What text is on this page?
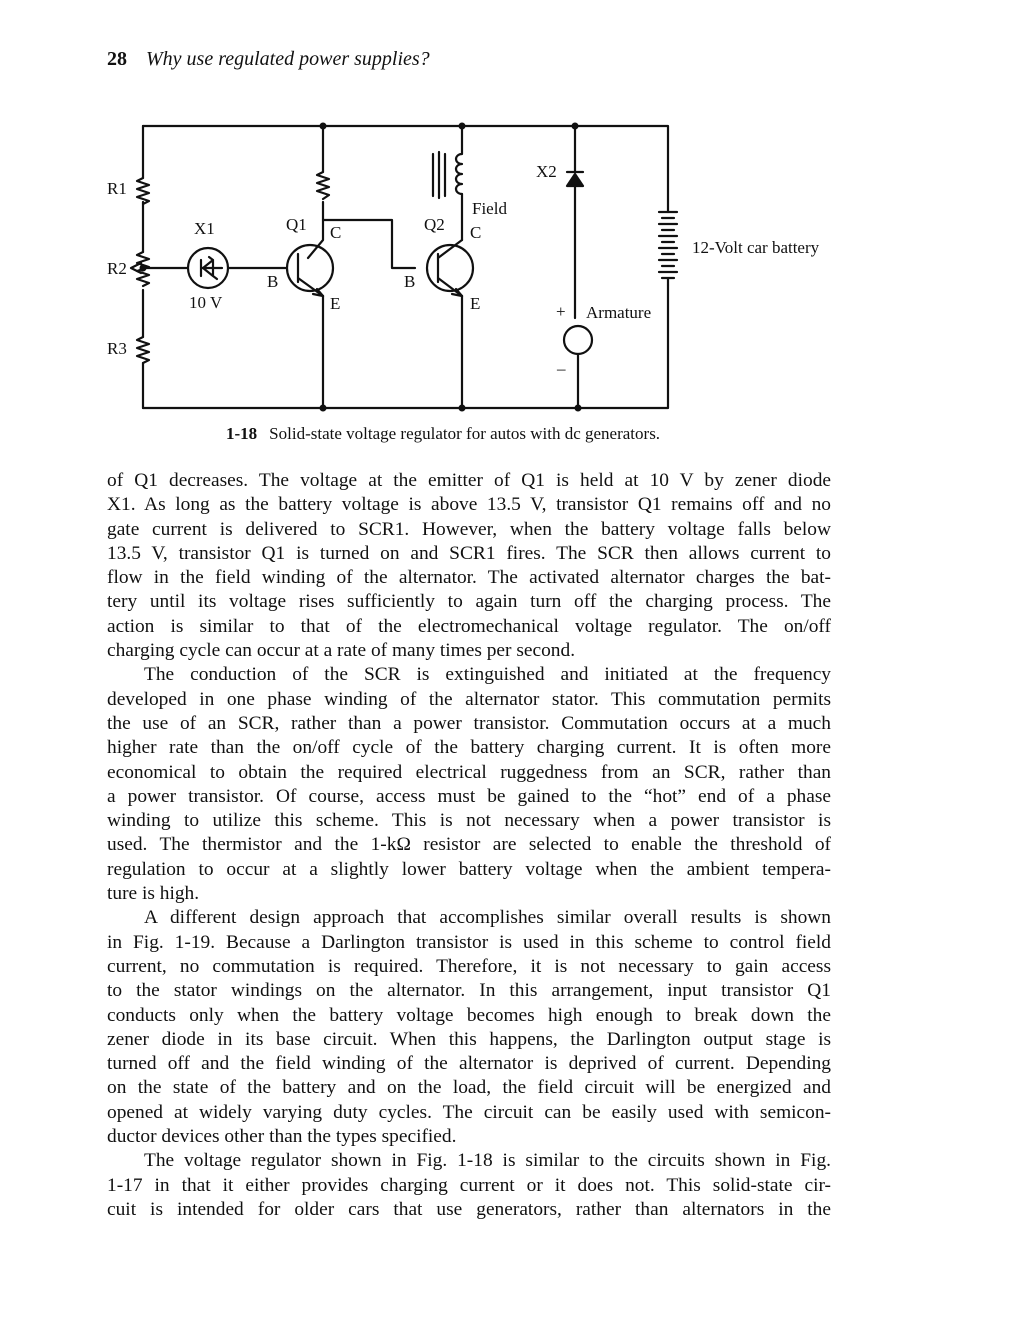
28 Why use regulated power supplies?
R1
R2
R3
X1
10 V
Q1
B
C
E
Q2
B
C
E
Field
X2
12-Volt car battery
Armature
+
–
1-18 Solid-state voltage regulator for autos with dc generators.
of Q1 decreases. The voltage at the emitter of Q1 is held at 10 V by zener diode
X1. As long as the battery voltage is above 13.5 V, transistor Q1 remains off and no
gate current is delivered to SCR1. However, when the battery voltage falls below
13.5 V, transistor Q1 is turned on and SCR1 fires. The SCR then allows current to
flow in the field winding of the alternator. The activated alternator charges the bat-
tery until its voltage rises sufficiently to again turn off the charging process. The
action is similar to that of the electromechanical voltage regulator. The on/off
charging cycle can occur at a rate of many times per second.
The conduction of the SCR is extinguished and initiated at the frequency
developed in one phase winding of the alternator stator. This commutation permits
the use of an SCR, rather than a power transistor. Commutation occurs at a much
higher rate than the on/off cycle of the battery charging current. It is often more
economical to obtain the required electrical ruggedness from an SCR, rather than
a power transistor. Of course, access must be gained to the “hot” end of a phase
winding to utilize this scheme. This is not necessary when a power transistor is
used. The thermistor and the 1-kΩ resistor are selected to enable the threshold of
regulation to occur at a slightly lower battery voltage when the ambient tempera-
ture is high.
A different design approach that accomplishes similar overall results is shown
in Fig. 1-19. Because a Darlington transistor is used in this scheme to control field
current, no commutation is required. Therefore, it is not necessary to gain access
to the stator windings on the alternator. In this arrangement, input transistor Q1
conducts only when the battery voltage becomes high enough to break down the
zener diode in its base circuit. When this happens, the Darlington output stage is
turned off and the field winding of the alternator is deprived of current. Depending
on the state of the battery and on the load, the field circuit will be energized and
opened at widely varying duty cycles. The circuit can be easily used with semicon-
ductor devices other than the types specified.
The voltage regulator shown in Fig. 1-18 is similar to the circuits shown in Fig.
1-17 in that it either provides charging current or it does not. This solid-state cir-
cuit is intended for older cars that use generators, rather than alternators in the
